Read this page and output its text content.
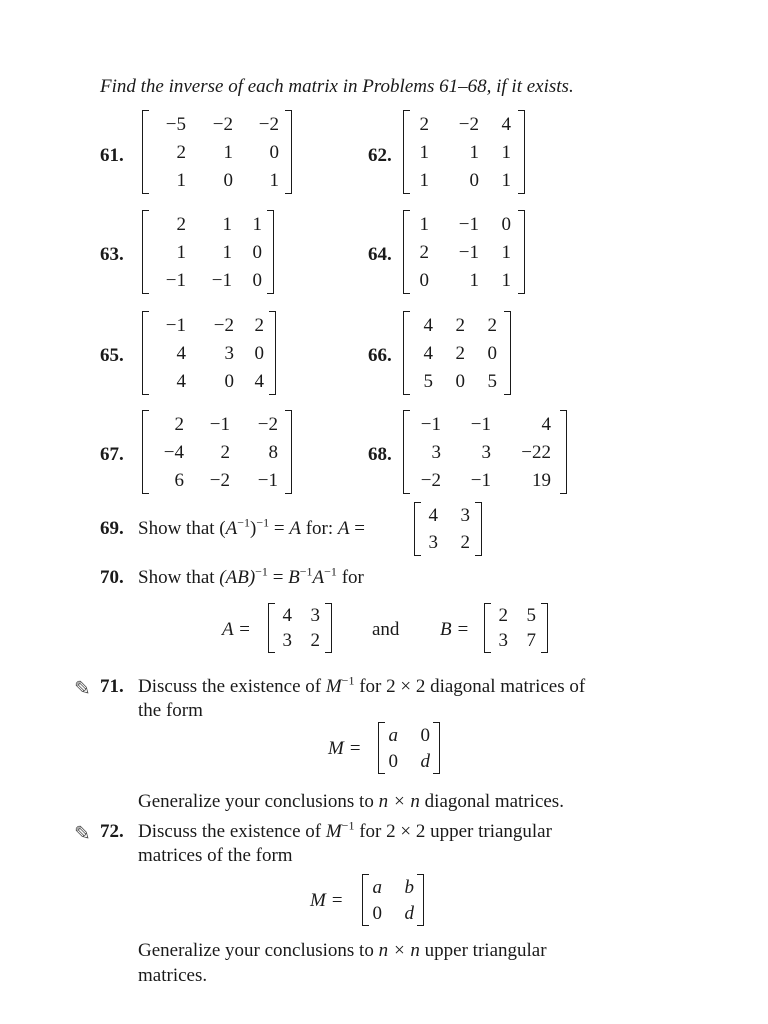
Find the inverse of each matrix in Problems 61–68, if it exists.
61.
−5	−2	−2
2	1	0
1	0	1
62.
2	−2	4
1	1	1
1	0	1
63.
2	1	1
1	1	0
−1	−1	0
64.
1	−1	0
2	−1	1
0	1	1
65.
−1	−2	2
4	3	0
4	0	4
66.
4	2	2
4	2	0
5	0	5
67.
2	−1	−2
−4	2	8
6	−2	−1
68.
−1	−1	4
3	3	−22
−2	−1	19
69. Show that $(A^{-1})^{-1} = A$ for: A =
4	3
3	2
70. Show that $(AB)^{-1} = B^{-1}A^{-1}$ for
A =
4 3
3 2
and B =
2 5
3 7
✎ 71. Discuss the existence of $M^{-1}$ for 2 × 2 diagonal matrices of
the form
M =
a	0
0	d
Generalize your conclusions to n × n diagonal matrices.
✎ 72. Discuss the existence of $M^{-1}$ for 2 × 2 upper triangular
matrices of the form
M =
a	b
0	d
Generalize your conclusions to n × n upper triangular
matrices.
